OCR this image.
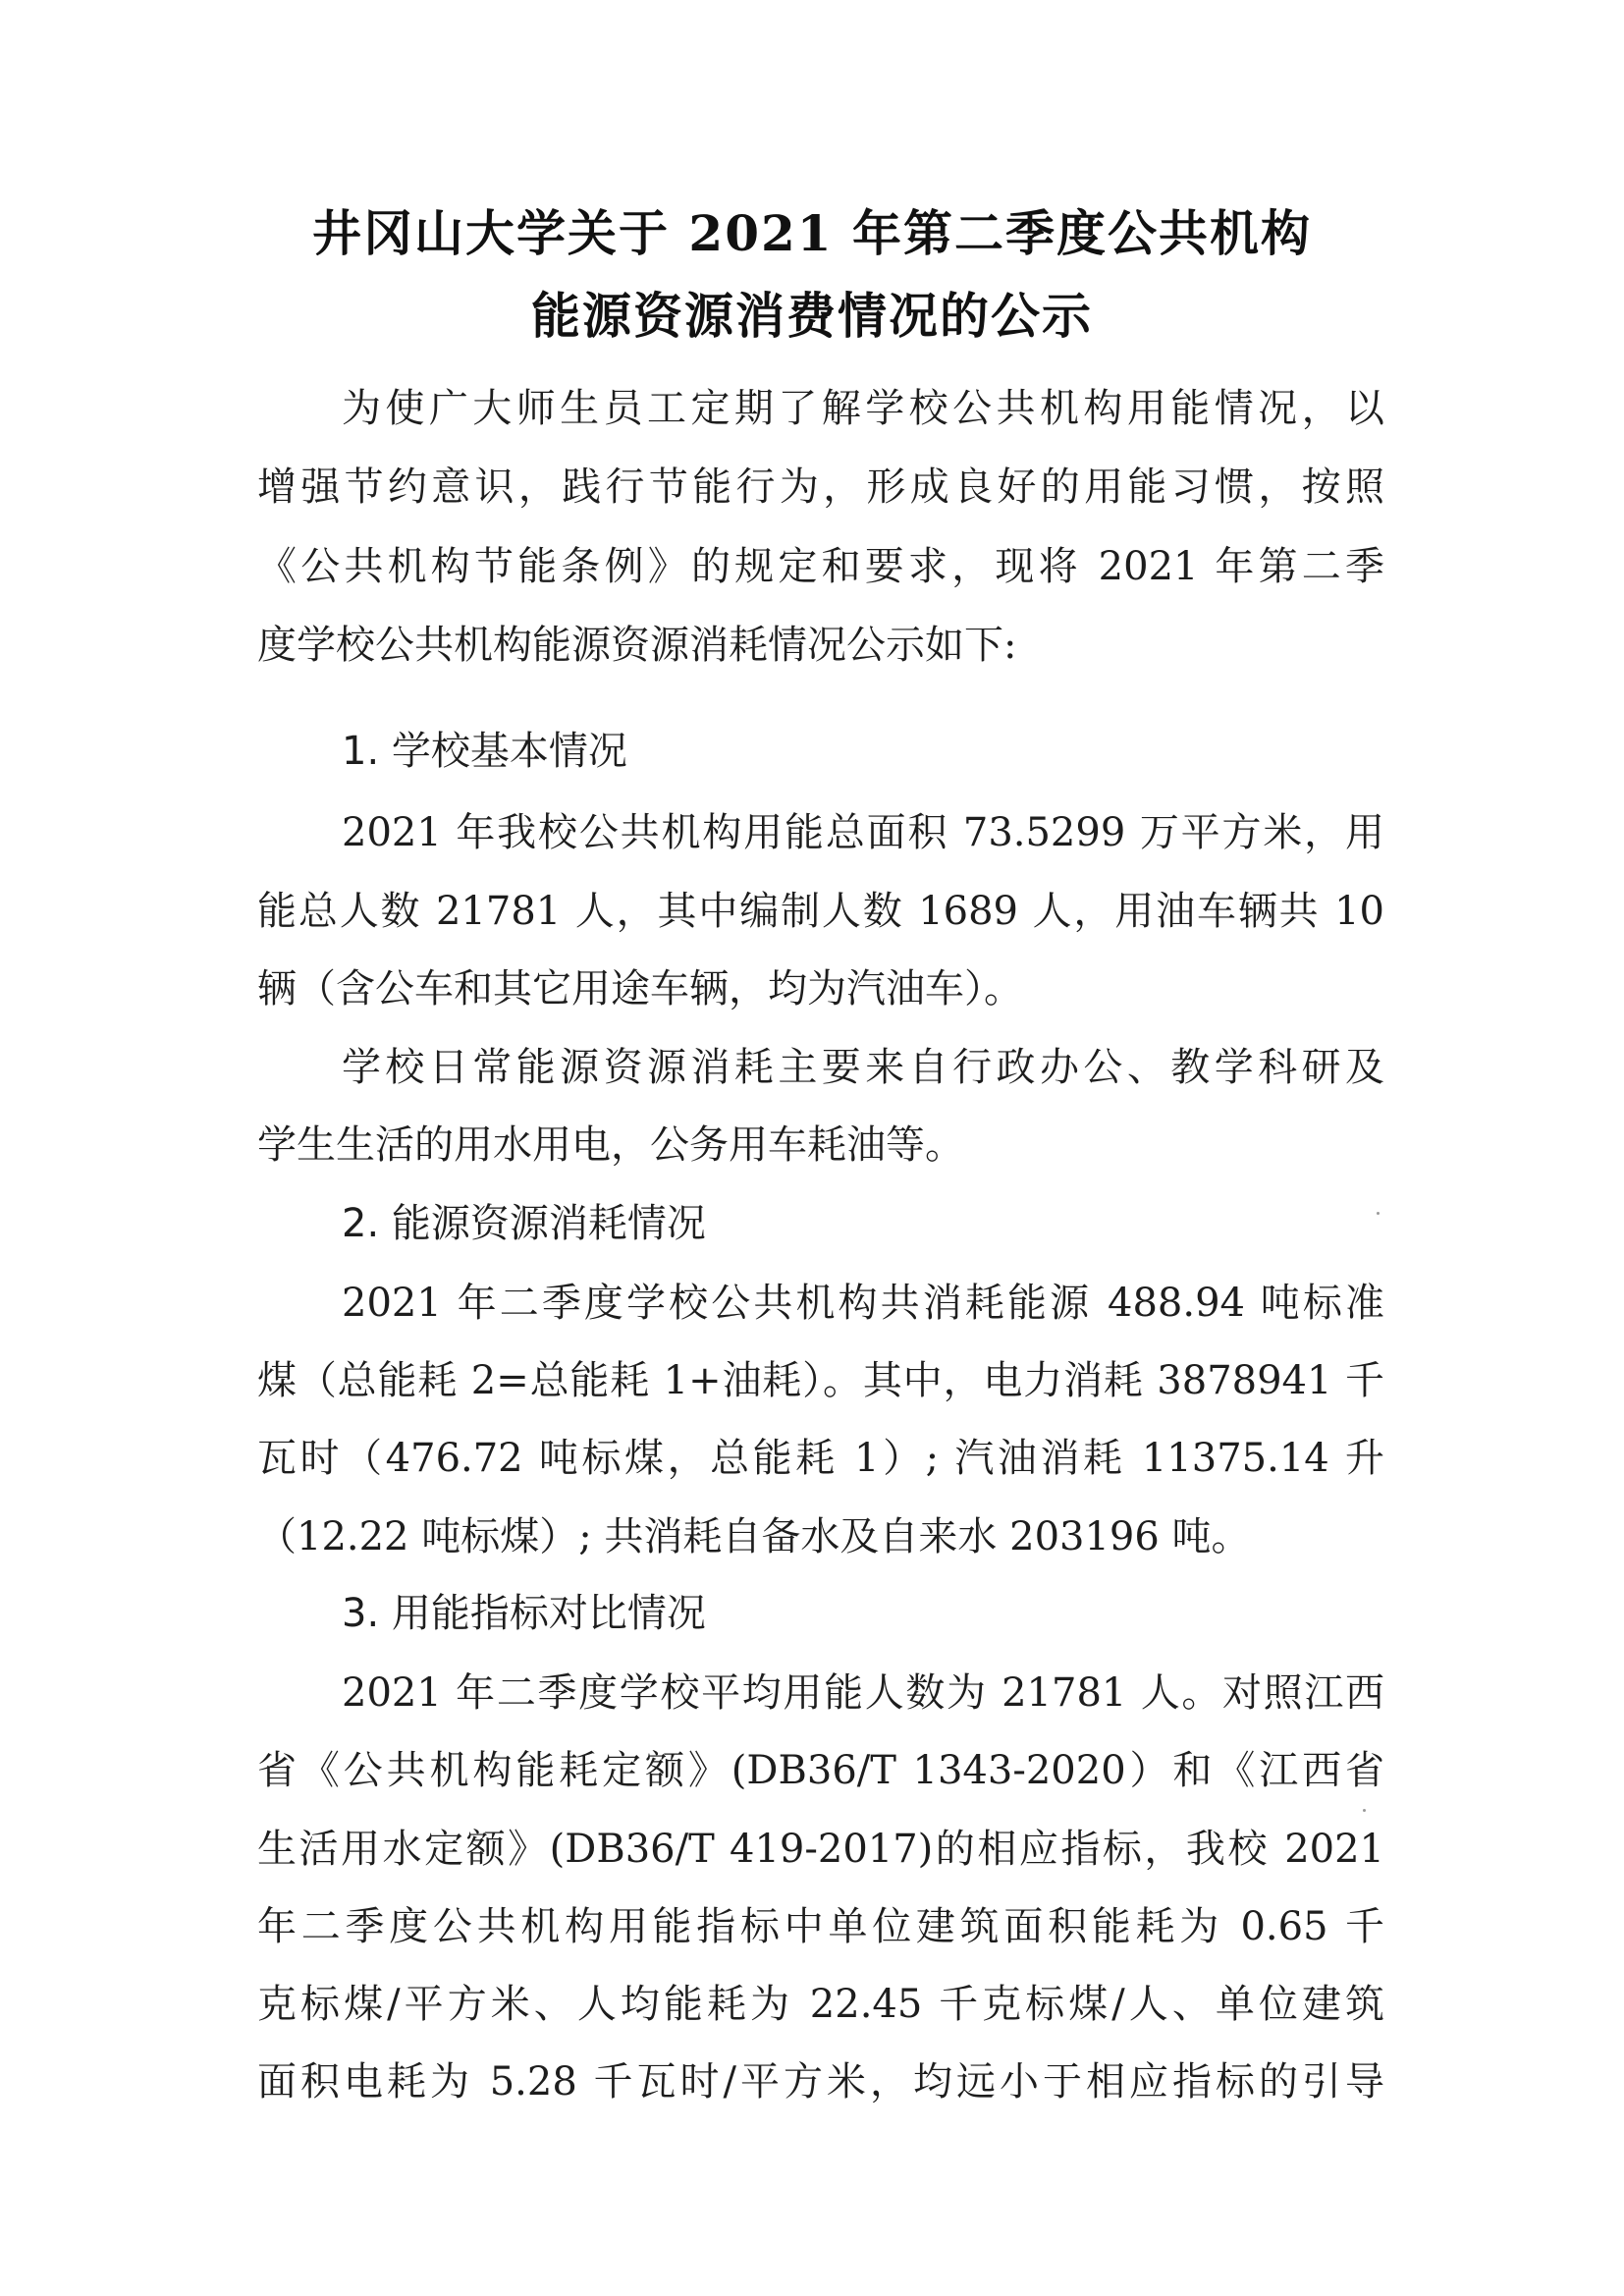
井冈山大学关于 2021 年第二季度公共机构
能源资源消费情况的公示
为使广大师生员工定期了解学校公共机构用能情况，以
增强节约意识，践行节能行为，形成良好的用能习惯，按照
《公共机构节能条例》的规定和要求，现将 2021 年第二季
度学校公共机构能源资源消耗情况公示如下:
1. 学校基本情况
2021 年我校公共机构用能总面积 73.5299 万平方米，用
能总人数 21781 人，其中编制人数 1689 人，用油车辆共 10
辆（含公车和其它用途车辆，均为汽油车）。
学校日常能源资源消耗主要来自行政办公、教学科研及
学生生活的用水用电，公务用车耗油等。
2. 能源资源消耗情况
2021 年二季度学校公共机构共消耗能源 488.94 吨标准
煤（总能耗 2=总能耗 1+油耗）。其中，电力消耗 3878941 千
瓦时（476.72 吨标煤，总能耗 1）; 汽油消耗 11375.14 升
（12.22 吨标煤）; 共消耗自备水及自来水 203196 吨。
3. 用能指标对比情况
2021 年二季度学校平均用能人数为 21781 人。对照江西
省《公共机构能耗定额》(DB36/T 1343-2020）和《江西省
生活用水定额》(DB36/T 419-2017)的相应指标，我校 2021
年二季度公共机构用能指标中单位建筑面积能耗为 0.65 千
克标煤/平方米、人均能耗为 22.45 千克标煤/人、单位建筑
面积电耗为 5.28 千瓦时/平方米，均远小于相应指标的引导
